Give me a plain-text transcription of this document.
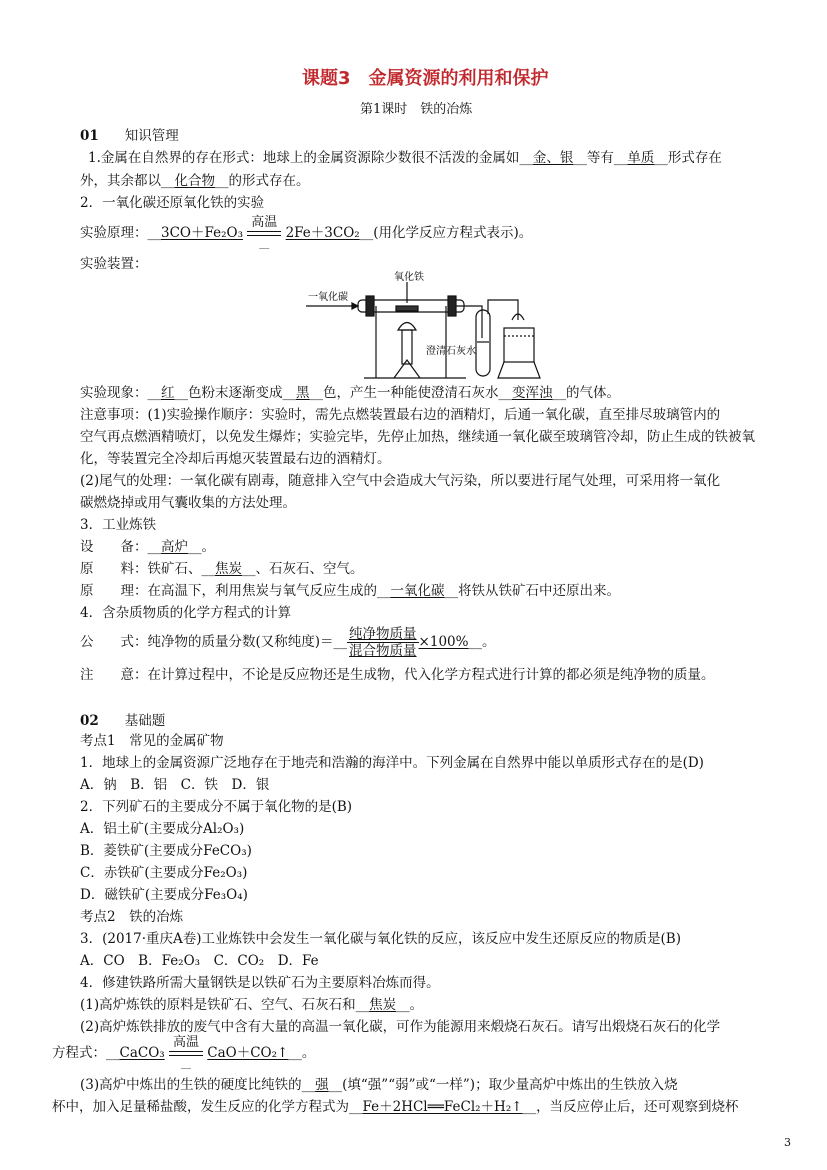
课题3　金属资源的利用和保护
第1课时　铁的冶炼
01 知识管理
1.金属在自然界的存在形式：地球上的金属资源除少数很不活泼的金属如__金、银__等有__单质__形式存在
外，其余都以__化合物__的形式存在。
2．一氧化碳还原氧化铁的实验
实验原理：__3CO＋Fe₂O₃ 高温
__
2Fe＋3CO₂__(用化学反应方程式表示)。
实验装置：
一氧化碳
氧化铁
澄清石灰水
实验现象：__红__色粉末逐渐变成__黑__色，产生一种能使澄清石灰水__变浑浊__的气体。
注意事项：(1)实验操作顺序：实验时，需先点燃装置最右边的酒精灯，后通一氧化碳，直至排尽玻璃管内的
空气再点燃酒精喷灯，以免发生爆炸；实验完毕，先停止加热，继续通一氧化碳至玻璃管冷却，防止生成的铁被氧
化，等装置完全冷却后再熄灭装置最右边的酒精灯。
(2)尾气的处理：一氧化碳有剧毒，随意排入空气中会造成大气污染，所以要进行尾气处理，可采用将一氧化
碳燃烧掉或用气囊收集的方法处理。
3．工业炼铁
设　　备：__高炉__。
原　　料：铁矿石、__焦炭__、石灰石、空气。
原　　理：在高温下，利用焦炭与氧气反应生成的__一氧化碳__将铁从铁矿石中还原出来。
4．含杂质物质的化学方程式的计算
公　　式：纯净物的质量分数(又称纯度)＝__ $\frac{\text{纯净物质量}}{\text{混合物质量}}$ ×100%__。
注　　意：在计算过程中，不论是反应物还是生成物，代入化学方程式进行计算的都必须是纯净物的质量。
02 基础题
考点1　常见的金属矿物
1．地球上的金属资源广泛地存在于地壳和浩瀚的海洋中。下列金属在自然界中能以单质形式存在的是(D)
A．钠　B．铝　C．铁　D．银
2．下列矿石的主要成分不属于氧化物的是(B)
A．铝土矿(主要成分Al₂O₃)
B．菱铁矿(主要成分FeCO₃)
C．赤铁矿(主要成分Fe₂O₃)
D．磁铁矿(主要成分Fe₃O₄)
考点2　铁的冶炼
3．(2017·重庆A卷)工业炼铁中会发生一氧化碳与氧化铁的反应，该反应中发生还原反应的物质是(B)
A．CO　B．Fe₂O₃　C．CO₂　D．Fe
4．修建铁路所需大量钢铁是以铁矿石为主要原料冶炼而得。
(1)高炉炼铁的原料是铁矿石、空气、石灰石和__焦炭__。
(2)高炉炼铁排放的废气中含有大量的高温一氧化碳，可作为能源用来煅烧石灰石。请写出煅烧石灰石的化学
方程式：__CaCO₃ 高温
__
CaO＋CO₂↑__。
(3)高炉中炼出的生铁的硬度比纯铁的__强__(填“强”“弱”或“一样”)；取少量高炉中炼出的生铁放入烧
杯中，加入足量稀盐酸，发生反应的化学方程式为__Fe＋2HCl══FeCl₂＋H₂↑__，当反应停止后，还可观察到烧杯
3
